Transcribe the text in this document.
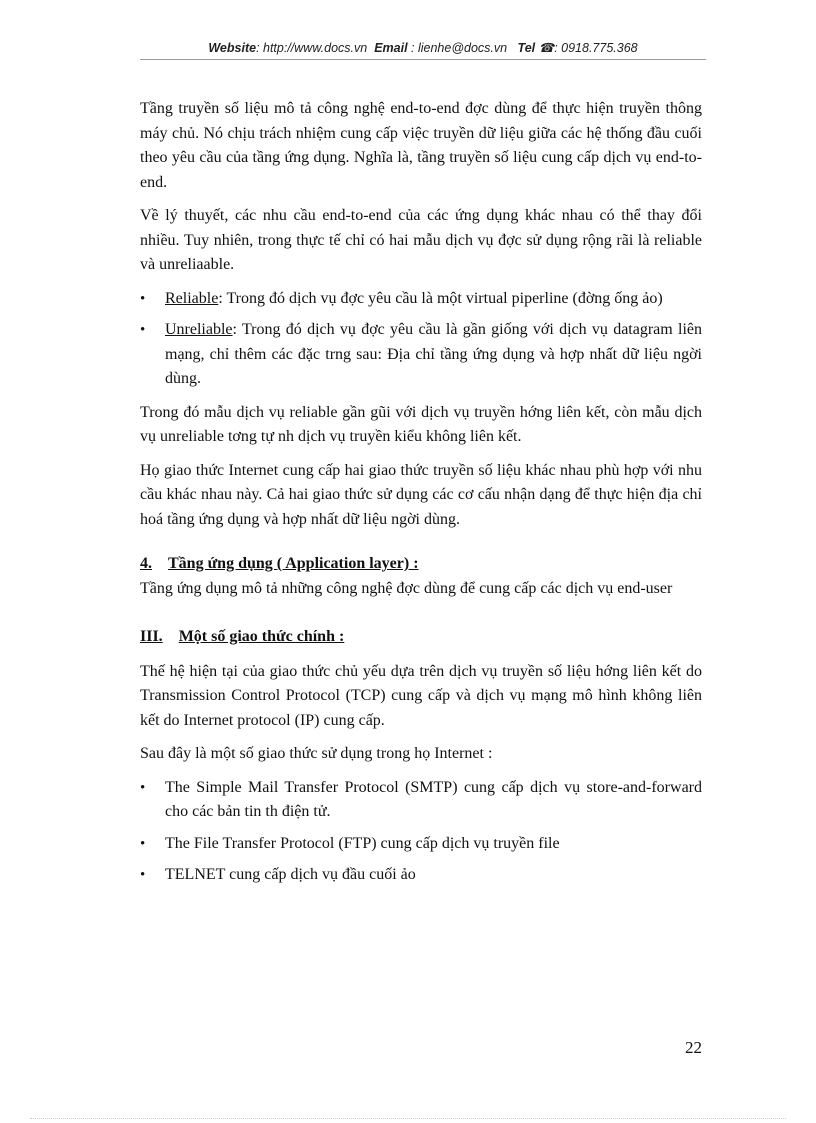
Website: http://www.docs.vn Email : lienhe@docs.vn Tel ☎: 0918.775.368

Tầng truyền số liệu mô tả công nghệ end-to-end đợc dùng để thực hiện truyền thông máy chủ. Nó chịu trách nhiệm cung cấp việc truyền dữ liệu giữa các hệ thống đầu cuối theo yêu cầu của tầng ứng dụng. Nghĩa là, tầng truyền số liệu cung cấp dịch vụ end-to-end.

Về lý thuyết, các nhu cầu end-to-end của các ứng dụng khác nhau có thể thay đổi nhiều. Tuy nhiên, trong thực tế chỉ có hai mẫu dịch vụ đợc sử dụng rộng rãi là reliable và unreliaable.

• Reliable: Trong đó dịch vụ đợc yêu cầu là một virtual piperline (đờng ống ảo)
• Unreliable: Trong đó dịch vụ đợc yêu cầu là gần giống với dịch vụ datagram liên mạng, chỉ thêm các đặc trng sau: Địa chỉ tầng ứng dụng và hợp nhất dữ liệu ngời dùng.

Trong đó mẫu dịch vụ reliable gần gũi với dịch vụ truyền hớng liên kết, còn mẫu dịch vụ unreliable tơng tự nh dịch vụ truyền kiểu không liên kết.

Họ giao thức Internet cung cấp hai giao thức truyền số liệu khác nhau phù hợp với nhu cầu khác nhau này. Cả hai giao thức sử dụng các cơ cấu nhận dạng để thực hiện địa chỉ hoá tầng ứng dụng và hợp nhất dữ liệu ngời dùng.

4. Tầng ứng dụng ( Application layer) :

Tầng ứng dụng mô tả những công nghệ đợc dùng để cung cấp các dịch vụ end-user

III. Một số giao thức chính :

Thế hệ hiện tại của giao thức chủ yếu dựa trên dịch vụ truyền số liệu hớng liên kết do Transmission Control Protocol (TCP) cung cấp và dịch vụ mạng mô hình không liên kết do Internet protocol (IP) cung cấp.

Sau đây là một số giao thức sử dụng trong họ Internet :

• The Simple Mail Transfer Protocol (SMTP) cung cấp dịch vụ store-and-forward cho các bản tin th điện tử.
• The File Transfer Protocol (FTP) cung cấp dịch vụ truyền file
• TELNET cung cấp dịch vụ đầu cuối ảo
22
